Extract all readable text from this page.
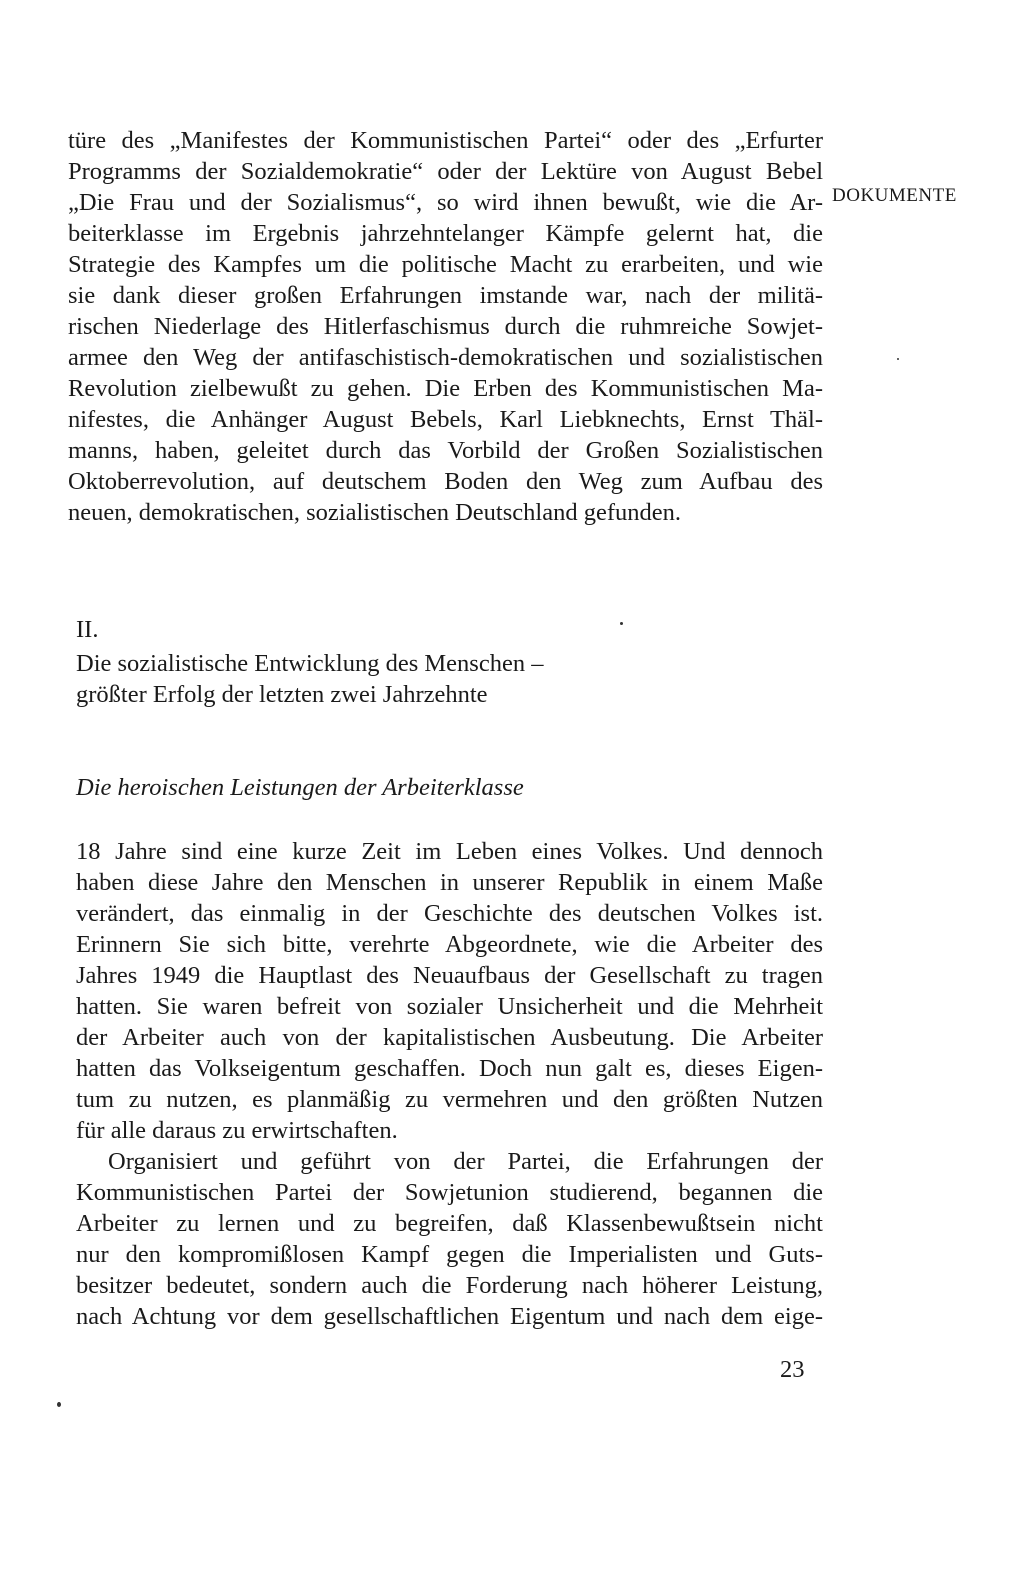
DOKUMENTE
türe des „Manifestes der Kommunistischen Partei“ oder des „Erfurter
Programms der Sozialdemokratie“ oder der Lektüre von August Bebel
„Die Frau und der Sozialismus“, so wird ihnen bewußt, wie die Ar-
beiterklasse im Ergebnis jahrzehntelanger Kämpfe gelernt hat, die
Strategie des Kampfes um die politische Macht zu erarbeiten, und wie
sie dank dieser großen Erfahrungen imstande war, nach der militä-
rischen Niederlage des Hitlerfaschismus durch die ruhmreiche Sowjet-
armee den Weg der antifaschistisch-demokratischen und sozialistischen
Revolution zielbewußt zu gehen. Die Erben des Kommunistischen Ma-
nifestes, die Anhänger August Bebels, Karl Liebknechts, Ernst Thäl-
manns, haben, geleitet durch das Vorbild der Großen Sozialistischen
Oktoberrevolution, auf deutschem Boden den Weg zum Aufbau des
neuen, demokratischen, sozialistischen Deutschland gefunden.
II.
Die sozialistische Entwicklung des Menschen –
größter Erfolg der letzten zwei Jahrzehnte
Die heroischen Leistungen der Arbeiterklasse
18 Jahre sind eine kurze Zeit im Leben eines Volkes. Und dennoch
haben diese Jahre den Menschen in unserer Republik in einem Maße
verändert, das einmalig in der Geschichte des deutschen Volkes ist.
Erinnern Sie sich bitte, verehrte Abgeordnete, wie die Arbeiter des
Jahres 1949 die Hauptlast des Neuaufbaus der Gesellschaft zu tragen
hatten. Sie waren befreit von sozialer Unsicherheit und die Mehrheit
der Arbeiter auch von der kapitalistischen Ausbeutung. Die Arbeiter
hatten das Volkseigentum geschaffen. Doch nun galt es, dieses Eigen-
tum zu nutzen, es planmäßig zu vermehren und den größten Nutzen
für alle daraus zu erwirtschaften.
Organisiert und geführt von der Partei, die Erfahrungen der
Kommunistischen Partei der Sowjetunion studierend, begannen die
Arbeiter zu lernen und zu begreifen, daß Klassenbewußtsein nicht
nur den kompromißlosen Kampf gegen die Imperialisten und Guts-
besitzer bedeutet, sondern auch die Forderung nach höherer Leistung,
nach Achtung vor dem gesellschaftlichen Eigentum und nach dem eige-
23
